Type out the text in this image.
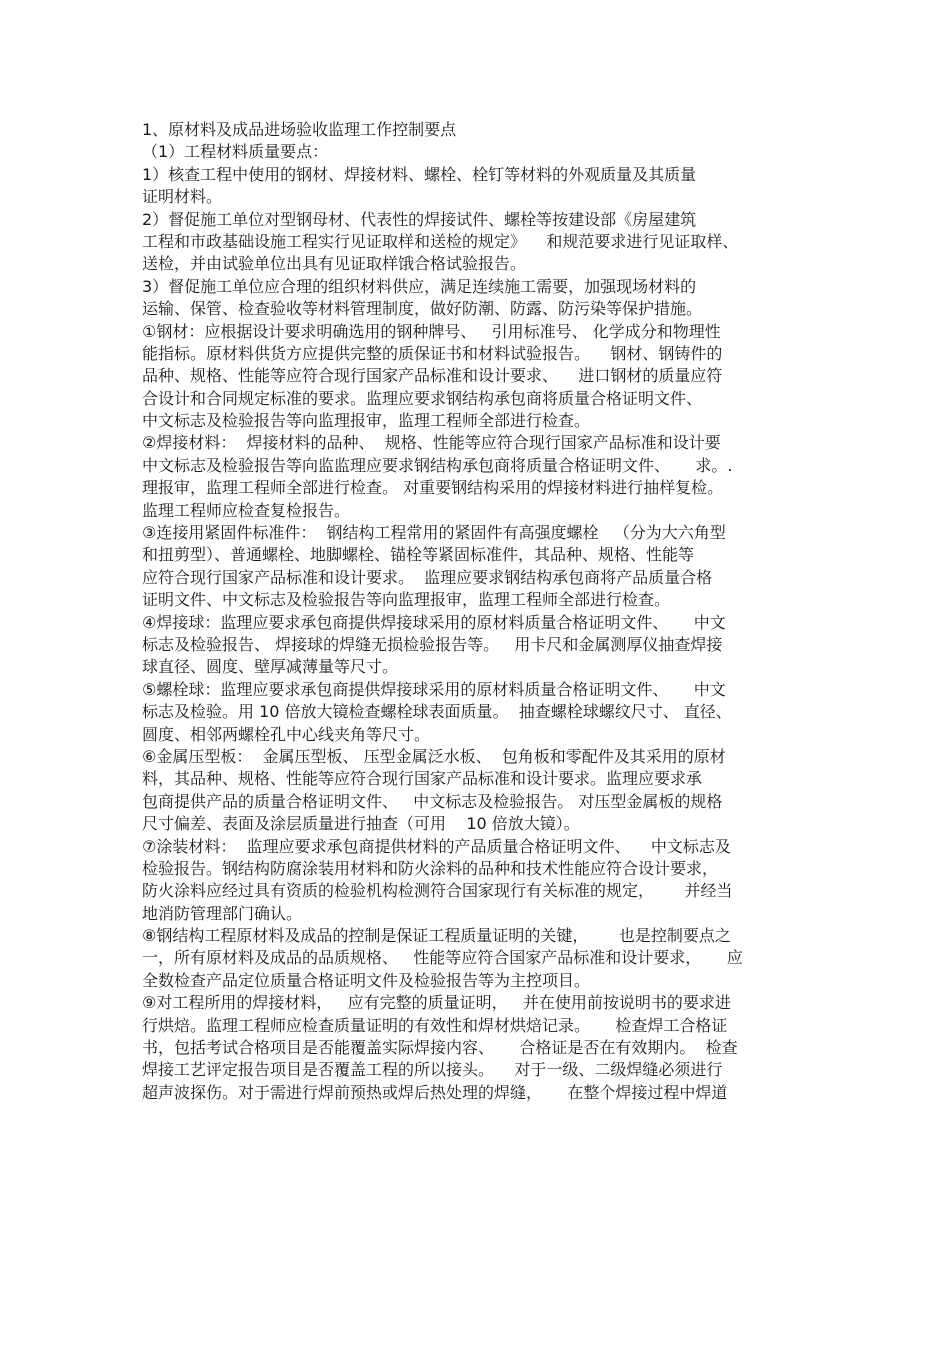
1、原材料及成品进场验收监理工作控制要点
（1）工程材料质量要点：
1）核查工程中使用的钢材、焊接材料、螺栓、栓钉等材料的外观质量及其质量
证明材料。
2）督促施工单位对型钢母材、代表性的焊接试件、螺栓等按建设部《房屋建筑
工程和市政基础设施工程实行见证取样和送检的规定》    和规范要求进行见证取样、
送检，并由试验单位出具有见证取样饿合格试验报告。
3）督促施工单位应合理的组织材料供应，满足连续施工需要，加强现场材料的
运输、保管、检查验收等材料管理制度，做好防潮、防露、防污染等保护措施。
①钢材：应根据设计要求明确选用的钢种牌号、   引用标准号、 化学成分和物理性
能指标。原材料供货方应提供完整的质保证书和材料试验报告。    钢材、钢铸件的
品种、规格、性能等应符合现行国家产品标准和设计要求、    进口钢材的质量应符
合设计和合同规定标准的要求。监理应要求钢结构承包商将质量合格证明文件、
中文标志及检验报告等向监理报审，监理工程师全部进行检查。
②焊接材料：  焊接材料的品种、  规格、性能等应符合现行国家产品标准和设计要
中文标志及检验报告等向监监理应要求钢结构承包商将质量合格证明文件、     求。.
理报审，监理工程师全部进行检查。 对重要钢结构采用的焊接材料进行抽样复检。
监理工程师应检查复检报告。
③连接用紧固件标准件：  钢结构工程常用的紧固件有高强度螺栓   （分为大六角型
和扭剪型）、普通螺栓、地脚螺栓、锚栓等紧固标准件，其品种、规格、性能等
应符合现行国家产品标准和设计要求。  监理应要求钢结构承包商将产品质量合格
证明文件、中文标志及检验报告等向监理报审，监理工程师全部进行检查。
④焊接球：监理应要求承包商提供焊接球采用的原材料质量合格证明文件、     中文
标志及检验报告、 焊接球的焊缝无损检验报告等。   用卡尺和金属测厚仪抽查焊接
球直径、圆度、壁厚减薄量等尺寸。
⑤螺栓球：监理应要求承包商提供焊接球采用的原材料质量合格证明文件、     中文
标志及检验。用 10 倍放大镜检查螺栓球表面质量。  抽查螺栓球螺纹尺寸、 直径、
圆度、相邻两螺栓孔中心线夹角等尺寸。
⑥金属压型板：  金属压型板、 压型金属泛水板、  包角板和零配件及其采用的原材
料，其品种、规格、性能等应符合现行国家产品标准和设计要求。监理应要求承
包商提供产品的质量合格证明文件、   中文标志及检验报告。 对压型金属板的规格
尺寸偏差、表面及涂层质量进行抽查（可用    10 倍放大镜）。
⑦涂装材料：  监理应要求承包商提供材料的产品质量合格证明文件、    中文标志及
检验报告。钢结构防腐涂装用材料和防火涂料的品种和技术性能应符合设计要求，
防火涂料应经过具有资质的检验机构检测符合国家现行有关标准的规定，      并经当
地消防管理部门确认。
⑧钢结构工程原材料及成品的控制是保证工程质量证明的关键，      也是控制要点之
一，所有原材料及成品的品质规格、   性能等应符合国家产品标准和设计要求，     应
全数检查产品定位质量合格证明文件及检验报告等为主控项目。
⑨对工程所用的焊接材料，   应有完整的质量证明，   并在使用前按说明书的要求进
行烘焙。监理工程师应检查质量证明的有效性和焊材烘焙记录。     检查焊工合格证
书，包括考试合格项目是否能覆盖实际焊接内容、     合格证是否在有效期内。  检查
焊接工艺评定报告项目是否覆盖工程的所以接头。    对于一级、二级焊缝必须进行
超声波探伤。对于需进行焊前预热或焊后热处理的焊缝，     在整个焊接过程中焊道
